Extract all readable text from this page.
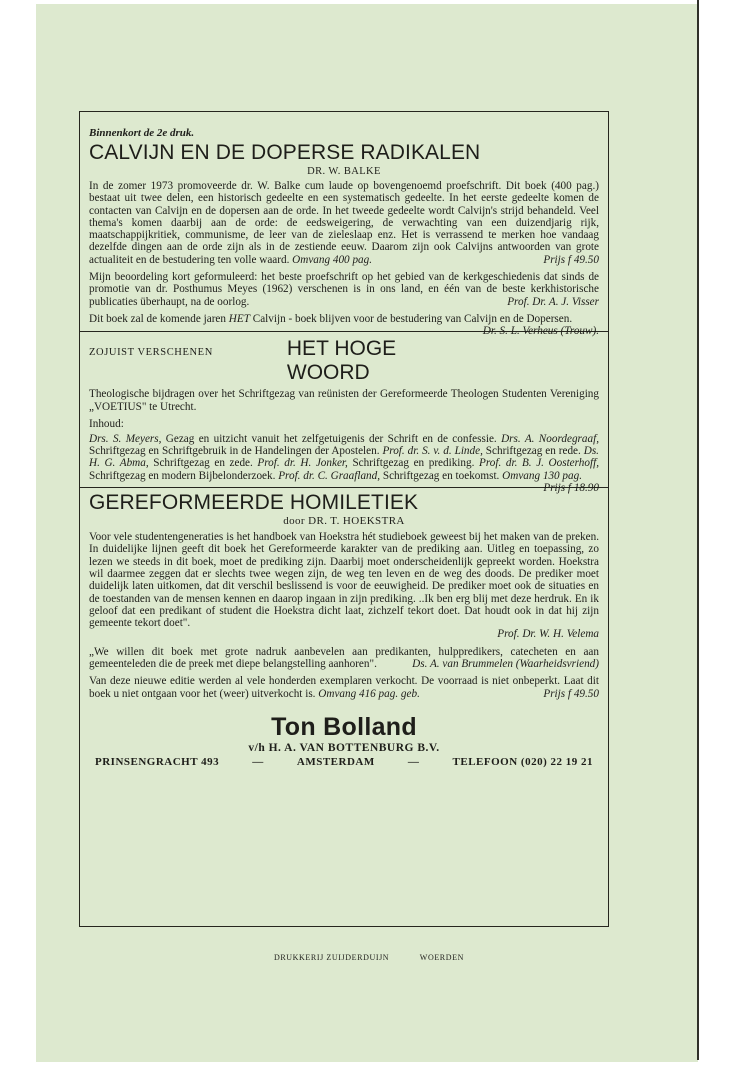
Binnenkort de 2e druk.

CALVIJN EN DE DOPERSE RADIKALEN
DR. W. BALKE

In de zomer 1973 promoveerde dr. W. Balke cum laude op bovengenoemd proefschrift. Dit boek (400 pag.) bestaat uit twee delen, een historisch gedeelte en een systematisch gedeelte. In het eerste gedeelte komen de contacten van Calvijn en de dopersen aan de orde. In het tweede gedeelte wordt Calvijn's strijd behandeld. Veel thema's komen daarbij aan de orde: de eedsweigering, de verwachting van een duizendjarig rijk, maatschappijkritiek, communisme, de leer van de zieleslaap enz. Het is verrassend te merken hoe vandaag dezelfde dingen aan de orde zijn als in de zestiende eeuw. Daarom zijn ook Calvijns antwoorden van grote actualiteit en de bestudering ten volle waard. Omvang 400 pag.	Prijs f 49.50

Mijn beoordeling kort geformuleerd: het beste proefschrift op het gebied van de kerkgeschiedenis dat sinds de promotie van dr. Posthumus Meyes (1962) verschenen is in ons land, en één van de beste kerkhistorische publicaties überhaupt, na de oorlog.	Prof. Dr. A. J. Visser

Dit boek zal de komende jaren HET Calvijn - boek blijven voor de bestudering van Calvijn en de Dopersen.
Dr. S. L. Verheus (Trouw).

ZOJUIST VERSCHENEN	HET HOGE WOORD

Theologische bijdragen over het Schriftgezag van reünisten der Gereformeerde Theologen Studenten Vereniging „VOETIUS" te Utrecht.

Inhoud:

Drs. S. Meyers, Gezag en uitzicht vanuit het zelfgetuigenis der Schrift en de confessie. Drs. A. Noordegraaf, Schriftgezag en Schriftgebruik in de Handelingen der Apostelen. Prof. dr. S. v. d. Linde, Schriftgezag en rede. Ds. H. G. Abma, Schriftgezag en zede. Prof. dr. H. Jonker, Schriftgezag en prediking. Prof. dr. B. J. Oosterhoff, Schriftgezag en modern Bijbelonderzoek. Prof. dr. C. Graafland, Schriftgezag en toekomst. Omvang 130 pag.
Prijs f 18.90

GEREFORMEERDE HOMILETIEK
door DR. T. HOEKSTRA

Voor vele studentengeneraties is het handboek van Hoekstra hét studieboek geweest bij het maken van de preken. In duidelijke lijnen geeft dit boek het Gereformeerde karakter van de prediking aan. Uitleg en toepassing, zo lezen we steeds in dit boek, moet de prediking zijn. Daarbij moet onderscheidenlijk gepreekt worden. Hoekstra wil daarmee zeggen dat er slechts twee wegen zijn, de weg ten leven en de weg des doods. De prediker moet duidelijk laten uitkomen, dat dit verschil beslissend is voor de eeuwigheid. De prediker moet ook de situaties en de toestanden van de mensen kennen en daarop ingaan in zijn prediking. ..Ik ben erg blij met deze herdruk. En ik geloof dat een predikant of student die Hoekstra dicht laat, zichzelf tekort doet. Dat houdt ook in dat hij zijn gemeente tekort doet".

Prof. Dr. W. H. Velema

„We willen dit boek met grote nadruk aanbevelen aan predikanten, hulppredikers, catecheten en aan gemeenteleden die de preek met diepe belangstelling aanhoren".	Ds. A. van Brummelen (Waarheidsvriend)

Van deze nieuwe editie werden al vele honderden exemplaren verkocht. De voorraad is niet onbeperkt. Laat dit boek u niet ontgaan voor het (weer) uitverkocht is. Omvang 416 pag. geb.	Prijs f 49.50

Ton Bolland
v/h H. A. VAN BOTTENBURG B.V.
PRINSENGRACHT 493	—	AMSTERDAM	—	TELEFOON (020) 22 19 21
DRUKKERIJ ZUIJDERDUIJN	WOERDEN
